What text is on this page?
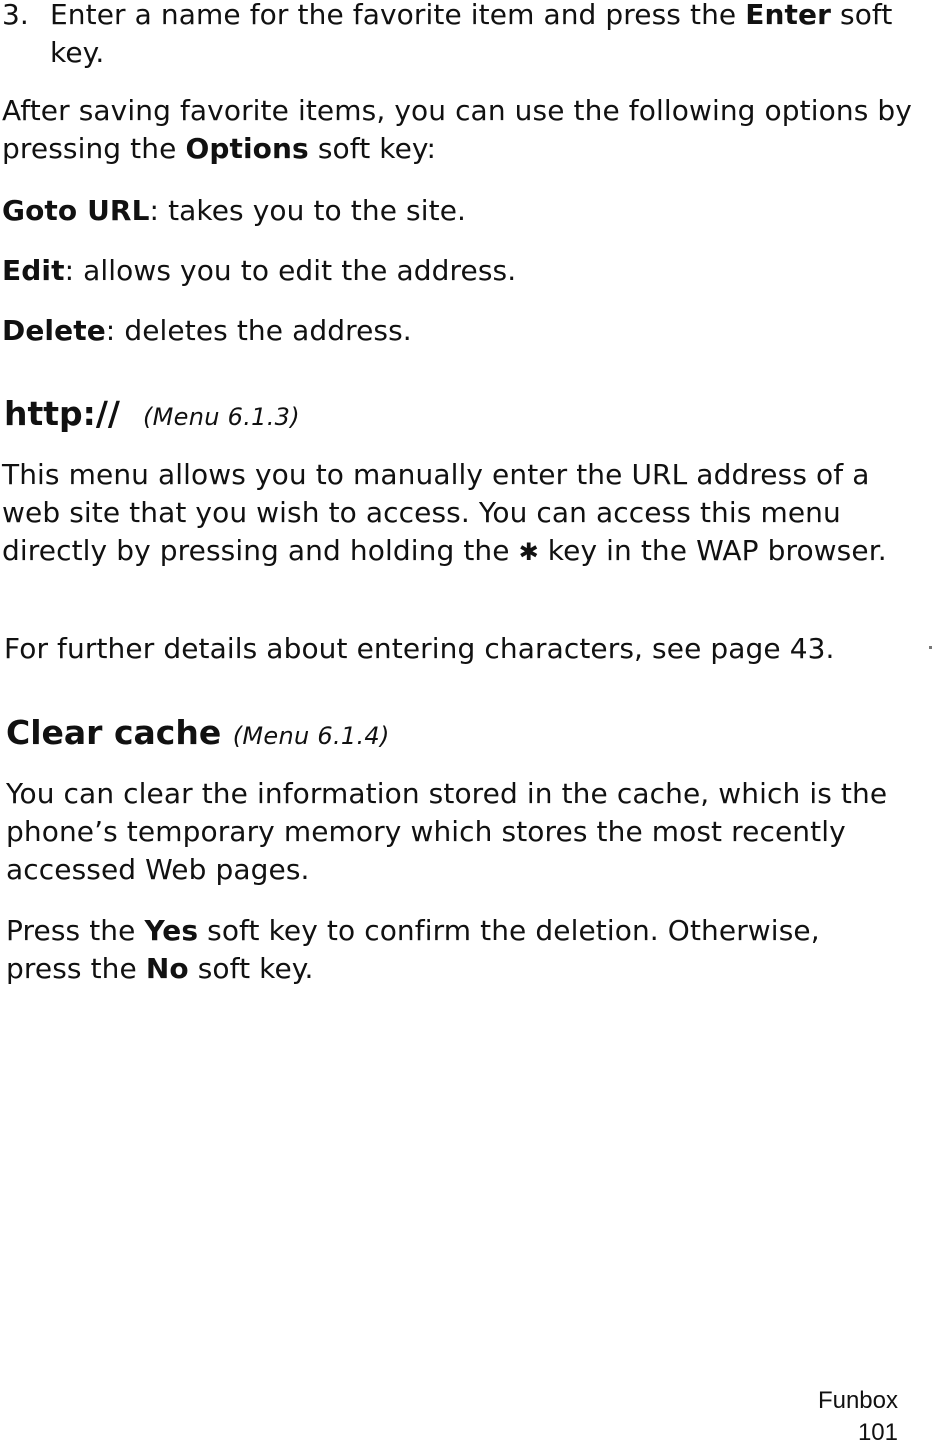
3. Enter a name for the favorite item and press the Enter soft key.

After saving favorite items, you can use the following options by pressing the Options soft key:

Goto URL: takes you to the site.

Edit: allows you to edit the address.

Delete: deletes the address.

http:// (Menu 6.1.3)

This menu allows you to manually enter the URL address of a web site that you wish to access. You can access this menu directly by pressing and holding the ✱ key in the WAP browser.

For further details about entering characters, see page 43.

Clear cache (Menu 6.1.4)

You can clear the information stored in the cache, which is the phone’s temporary memory which stores the most recently accessed Web pages.

Press the Yes soft key to confirm the deletion. Otherwise, press the No soft key.

Funbox
101
